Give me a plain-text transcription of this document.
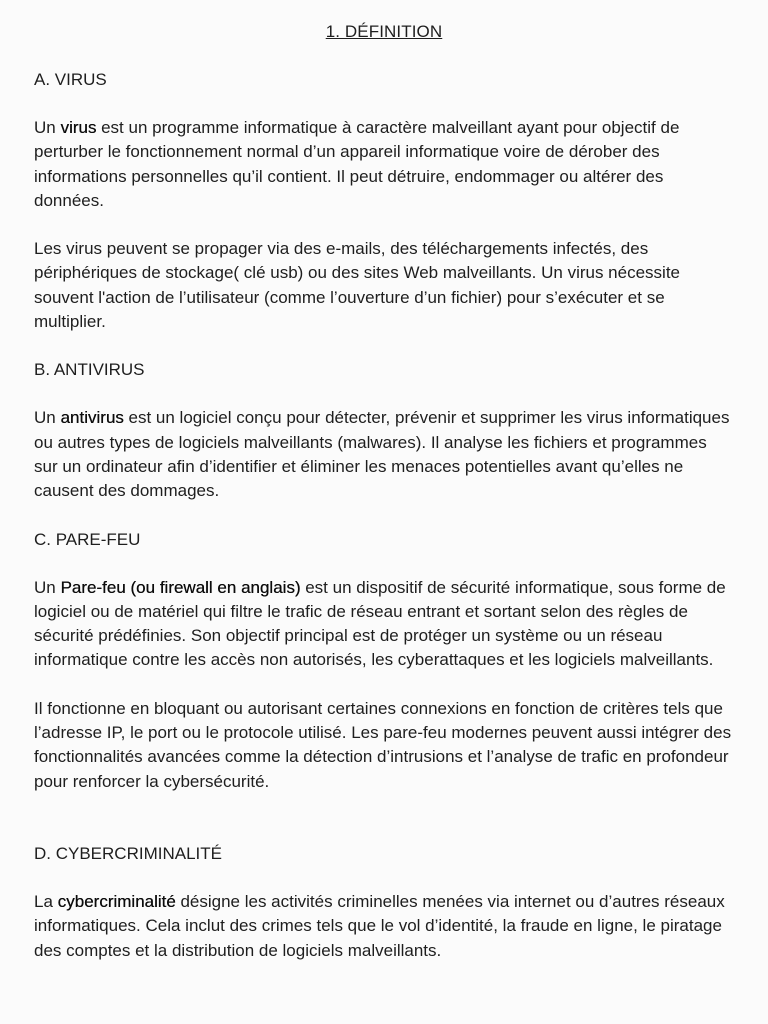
1. DÉFINITION
A. VIRUS

Un virus est un programme informatique à caractère malveillant ayant pour objectif de perturber le fonctionnement normal d’un appareil informatique voire de dérober des informations personnelles qu’il contient. Il peut détruire, endommager ou altérer des données.

Les virus peuvent se propager via des e-mails, des téléchargements infectés, des périphériques de stockage( clé usb) ou des sites Web malveillants. Un virus nécessite souvent l'action de l’utilisateur (comme l’ouverture d’un fichier) pour s’exécuter et se multiplier.

B. ANTIVIRUS

Un antivirus est un logiciel conçu pour détecter, prévenir et supprimer les virus informatiques ou autres types de logiciels malveillants (malwares). Il analyse les fichiers et programmes sur un ordinateur afin d’identifier et éliminer les menaces potentielles avant qu’elles ne causent des dommages.

C. PARE-FEU

Un Pare-feu (ou firewall en anglais) est un dispositif de sécurité informatique, sous forme de logiciel ou de matériel qui filtre le trafic de réseau entrant et sortant selon des règles de sécurité prédéfinies. Son objectif principal est de protéger un système ou un réseau informatique contre les accès non autorisés, les cyberattaques et les logiciels malveillants.

Il fonctionne en bloquant ou autorisant certaines connexions en fonction de critères tels que l’adresse IP, le port ou le protocole utilisé. Les pare-feu modernes peuvent aussi intégrer des fonctionnalités avancées comme la détection d’intrusions et l’analyse de trafic en profondeur pour renforcer la cybersécurité.

D. CYBERCRIMINALITÉ

La cybercriminalité désigne les activités criminelles menées via internet ou d’autres réseaux informatiques. Cela inclut des crimes tels que le vol d’identité, la fraude en ligne, le piratage des comptes et la distribution de logiciels malveillants.
